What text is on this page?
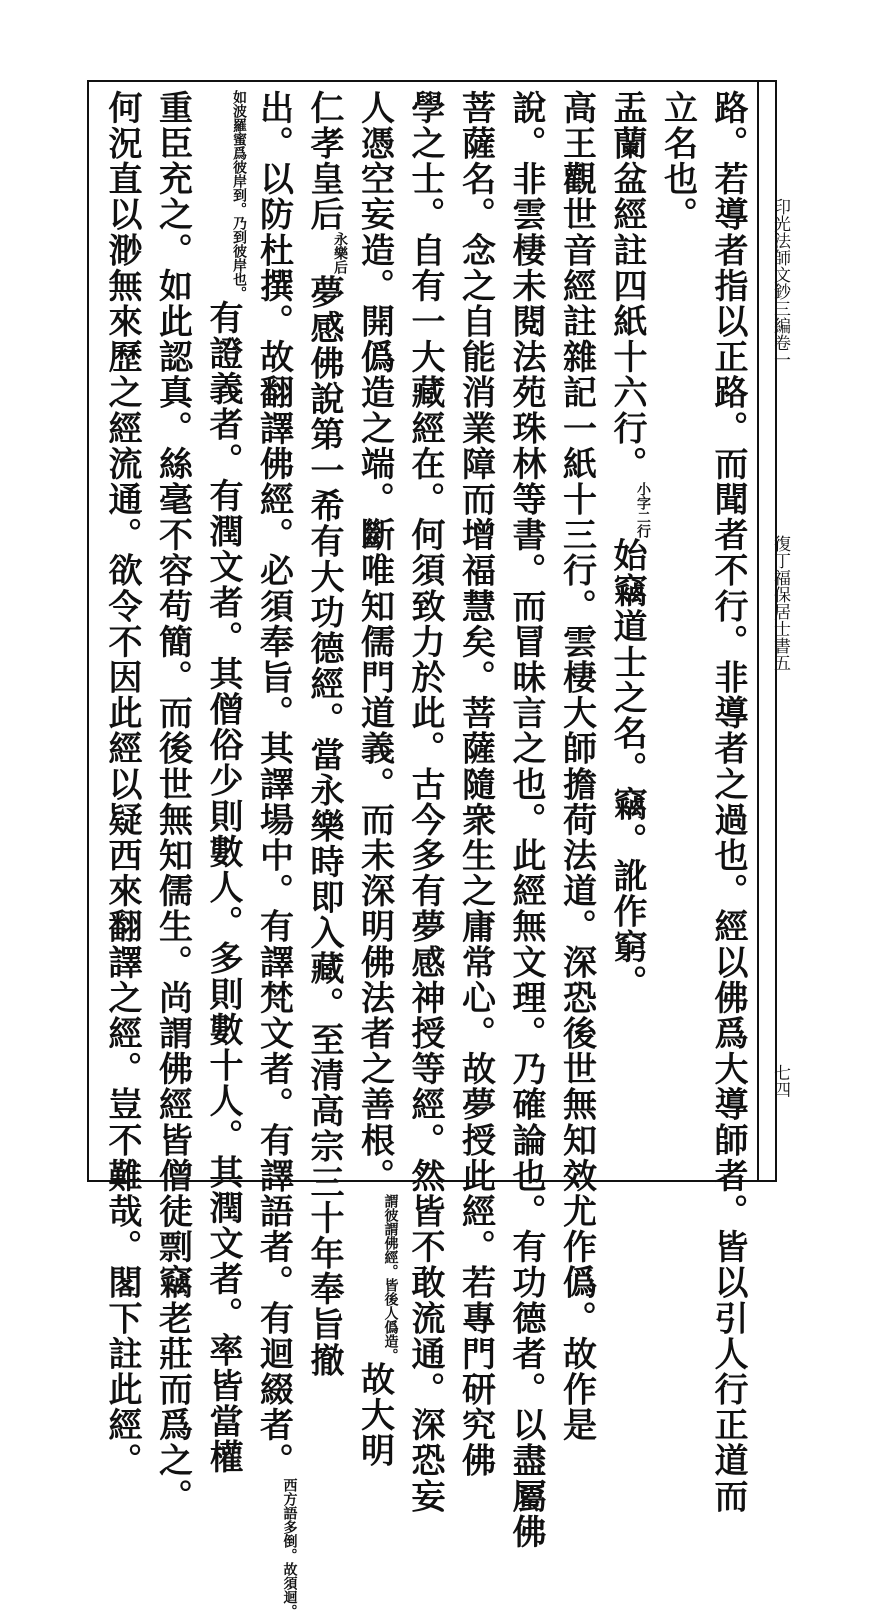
印光法師文鈔三編卷一
復丁福保居士書五
七四
路。若導者指以正路。而聞者不行。非導者之過也。經以佛爲大導師者。皆以引人行正道而
立名也。
盂蘭盆經註四紙十六行。小字二行始竊道士之名。竊。訛作窮。
高王觀世音經註雜記一紙十三行。雲棲大師擔荷法道。深恐後世無知效尤作僞。故作是
說。非雲棲未閱法苑珠林等書。而冒昧言之也。此經無文理。乃確論也。有功德者。以盡屬佛
菩薩名。念之自能消業障而增福慧矣。菩薩隨衆生之庸常心。故夢授此經。若專門研究佛
學之士。自有一大藏經在。何須致力於此。古今多有夢感神授等經。然皆不敢流通。深恐妄
人憑空妄造。開僞造之端。斷唯知儒門道義。而未深明佛法者之善根。謂彼謂佛經。皆後人僞造。故大明
仁孝皇后永樂后夢感佛說第一希有大功德經。當永樂時即入藏。至清高宗三十年奉旨撤
出。以防杜撰。故翻譯佛經。必須奉旨。其譯場中。有譯梵文者。有譯語者。有迴綴者。西方語多倒。故須迴。
如波羅蜜爲彼岸到。乃到彼岸也。有證義者。有潤文者。其僧俗少則數人。多則數十人。其潤文者。率皆當權
重臣充之。如此認真。絲毫不容苟簡。而後世無知儒生。尚謂佛經皆僧徒剽竊老莊而爲之。
何況直以渺無來歷之經流通。欲令不因此經以疑西來翻譯之經。豈不難哉。閣下註此經。
